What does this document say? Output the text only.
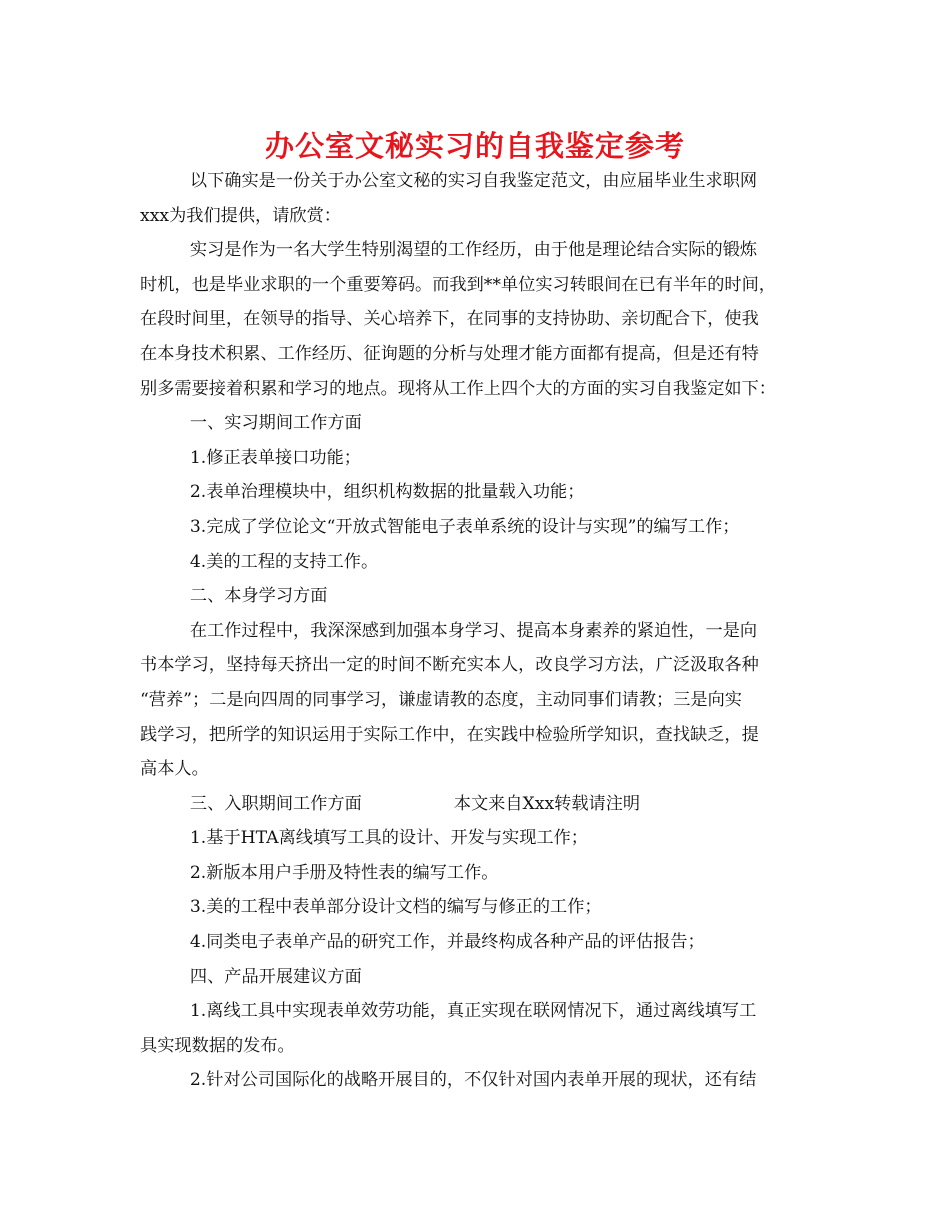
办公室文秘实习的自我鉴定参考
以下确实是一份关于办公室文秘的实习自我鉴定范文，由应届毕业生求职网
xxx为我们提供，请欣赏：
实习是作为一名大学生特别渴望的工作经历，由于他是理论结合实际的锻炼
时机，也是毕业求职的一个重要筹码。而我到**单位实习转眼间在已有半年的时间，
在段时间里，在领导的指导、关心培养下，在同事的支持协助、亲切配合下，使我
在本身技术积累、工作经历、征询题的分析与处理才能方面都有提高，但是还有特
别多需要接着积累和学习的地点。现将从工作上四个大的方面的实习自我鉴定如下：
一、实习期间工作方面
1.修正表单接口功能；
2.表单治理模块中，组织机构数据的批量载入功能；
3.完成了学位论文“开放式智能电子表单系统的设计与实现”的编写工作；
4.美的工程的支持工作。
二、本身学习方面
在工作过程中，我深深感到加强本身学习、提高本身素养的紧迫性，一是向
书本学习，坚持每天挤出一定的时间不断充实本人，改良学习方法，广泛汲取各种
“营养”；二是向四周的同事学习，谦虚请教的态度，主动同事们请教；三是向实
践学习，把所学的知识运用于实际工作中，在实践中检验所学知识，查找缺乏，提
高本人。
三、入职期间工作方面	本文来自Xxx转载请注明
1.基于HTA离线填写工具的设计、开发与实现工作；
2.新版本用户手册及特性表的编写工作。
3.美的工程中表单部分设计文档的编写与修正的工作；
4.同类电子表单产品的研究工作，并最终构成各种产品的评估报告；
四、产品开展建议方面
1.离线工具中实现表单效劳功能，真正实现在联网情况下，通过离线填写工
具实现数据的发布。
2.针对公司国际化的战略开展目的，不仅针对国内表单开展的现状，还有结
